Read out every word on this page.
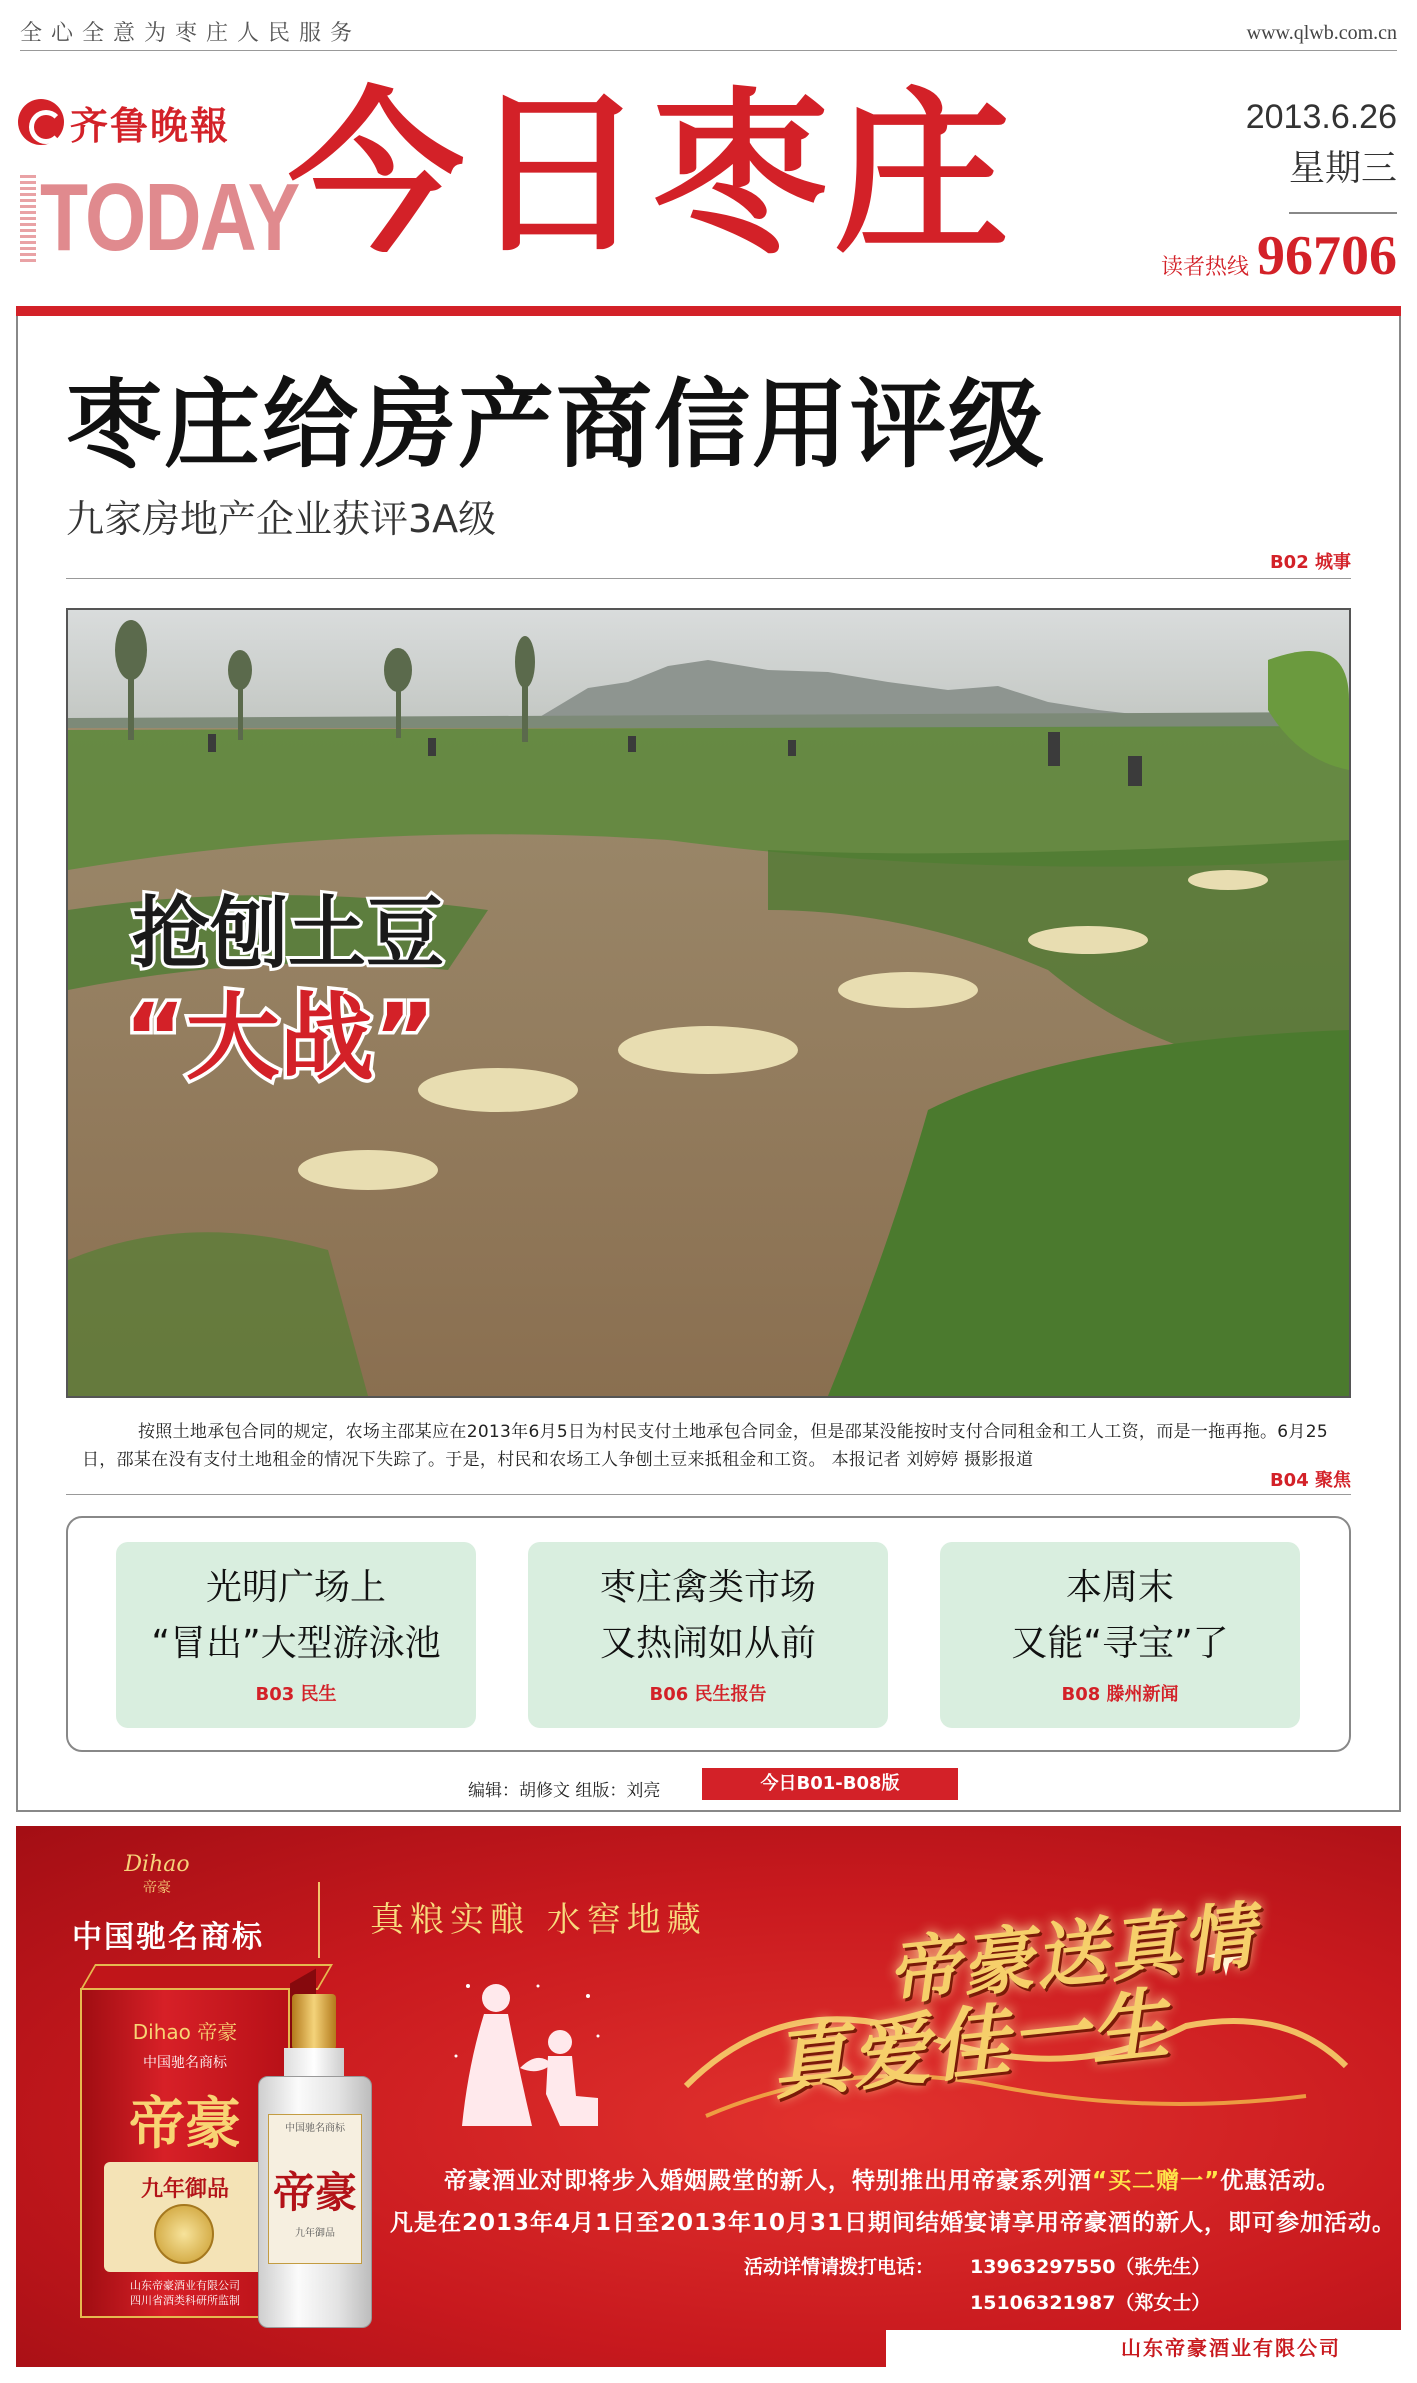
全心全意为枣庄人民服务	www.qlwb.com.cn
齐鲁晚報
TODAY
今日枣庄	2013.6.26
星期三
读者热线 96706
枣庄给房产商信用评级
九家房地产企业获评3A级
B02 城事
抢刨土豆
“大战”
按照土地承包合同的规定，农场主邵某应在2013年6月5日为村民支付土地承包合同金，但是邵某没能按时支付合同租金和工人工资，而是一拖再拖。6月25日，邵某在没有支付土地租金的情况下失踪了。于是，村民和农场工人争刨土豆来抵租金和工资。 本报记者 刘婷婷 摄影报道
B04 聚焦
光明广场上
“冒出”大型游泳池
B03 民生
枣庄禽类市场
又热闹如从前
B06 民生报告
本周末
又能“寻宝”了
B08 滕州新闻
编辑：胡修文 组版：刘亮	今日B01-B08版
Dihao
帝豪
中国驰名商标	真粮实酿 水窖地藏 帝豪送真情
真爱佳一生
帝豪酒业对即将步入婚姻殿堂的新人，特别推出用帝豪系列酒“买二赠一”优惠活动。
凡是在2013年4月1日至2013年10月31日期间结婚宴请享用帝豪酒的新人，即可参加活动。
活动详情请拨打电话： 13963297550（张先生）
15106321987（郑女士）
山东帝豪酒业有限公司
Dihao 帝豪
中国驰名商标
帝豪
九年御品
山东帝豪酒业有限公司
四川省酒类科研所监制
中国驰名商标
帝豪
九年御品
